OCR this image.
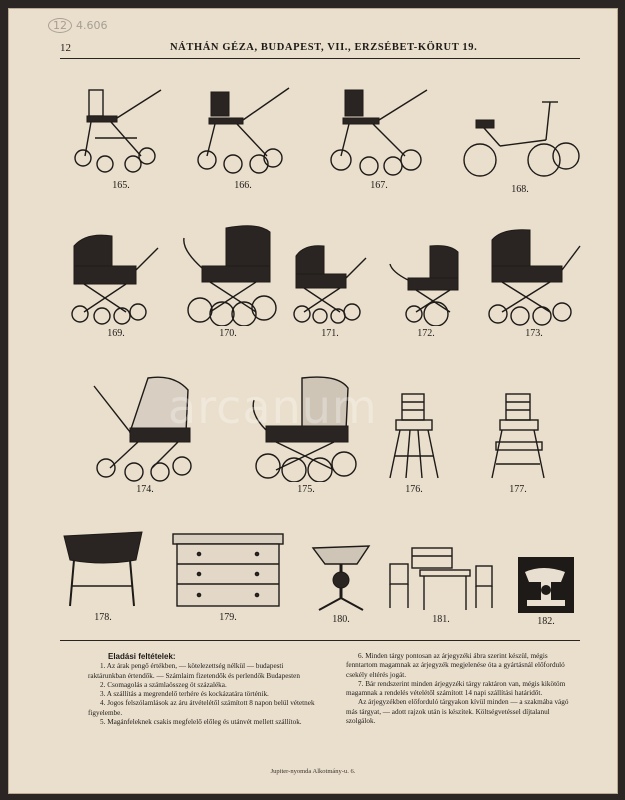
12 4.606
12	NÁTHÁN GÉZA, BUDAPEST, VII., ERZSÉBET-KÖRUT 19.
165.	166.	167.	168.
169.	170.	171.	172.	173.
174.	175.	176.	177.
178.	179.	180.	181.	182.
arcanum
Eladási feltételek:

1. Az árak pengő értékben, — kötelezettség nélkül — budapesti raktárunkban értendők. — Számlaim fizetendők és perlendők Budapesten

2. Csomagolás a számlaösszeg öt százaléka.

3. A szállítás a megrendelő terhére és kockázatára történik.

4. Jogos felszólamlások az áru átvételétől számított 8 napon belül vétetnek figyelembe.

5. Magánfeleknek csakis megfelelő előleg és utánvét mellett szállítok.

6. Minden tárgy pontosan az árjegyzéki ábra szerint készül, mégis fenntartom magamnak az árjegyzék megjelenése óta a gyártásnál előforduló csekély eltérés jogát.

7. Bár rendszerint minden árjegyzéki tárgy raktáron van, mégis kikötöm magamnak a rendelés vételétől számított 14 napi szállítási határidőt.

Az árjegyzékben előforduló tárgyakon kívül minden — a szakmába vágó más tárgyat, — adott rajzok után is készítek. Költségvetéssel díjtalanul szolgálok.

Jupiter-nyomda Alkotmány-u. 6.
